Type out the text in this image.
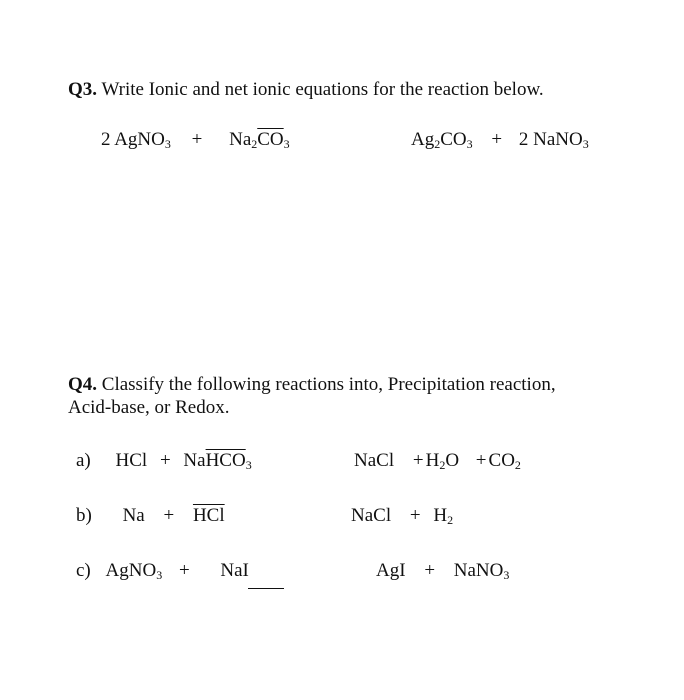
Q3. Write Ionic and net ionic equations for the reaction below.
2 AgNO$_3$ + $Na_2\overline{CO}_3$	$Ag_2CO_3 + 2$ NaNO$_3$
Q4. Classify the following reactions into, Precipitation reaction,
Acid-base, or Redox.
a) HCl + $Na\overline{HCO}_3$	NaCl + $H_2O + CO_2$
b) $Na + \overline{HCl}$	NaCl + $H_2$
c) AgNO$_3$ + NaI	AgI + NaNO$_3$
